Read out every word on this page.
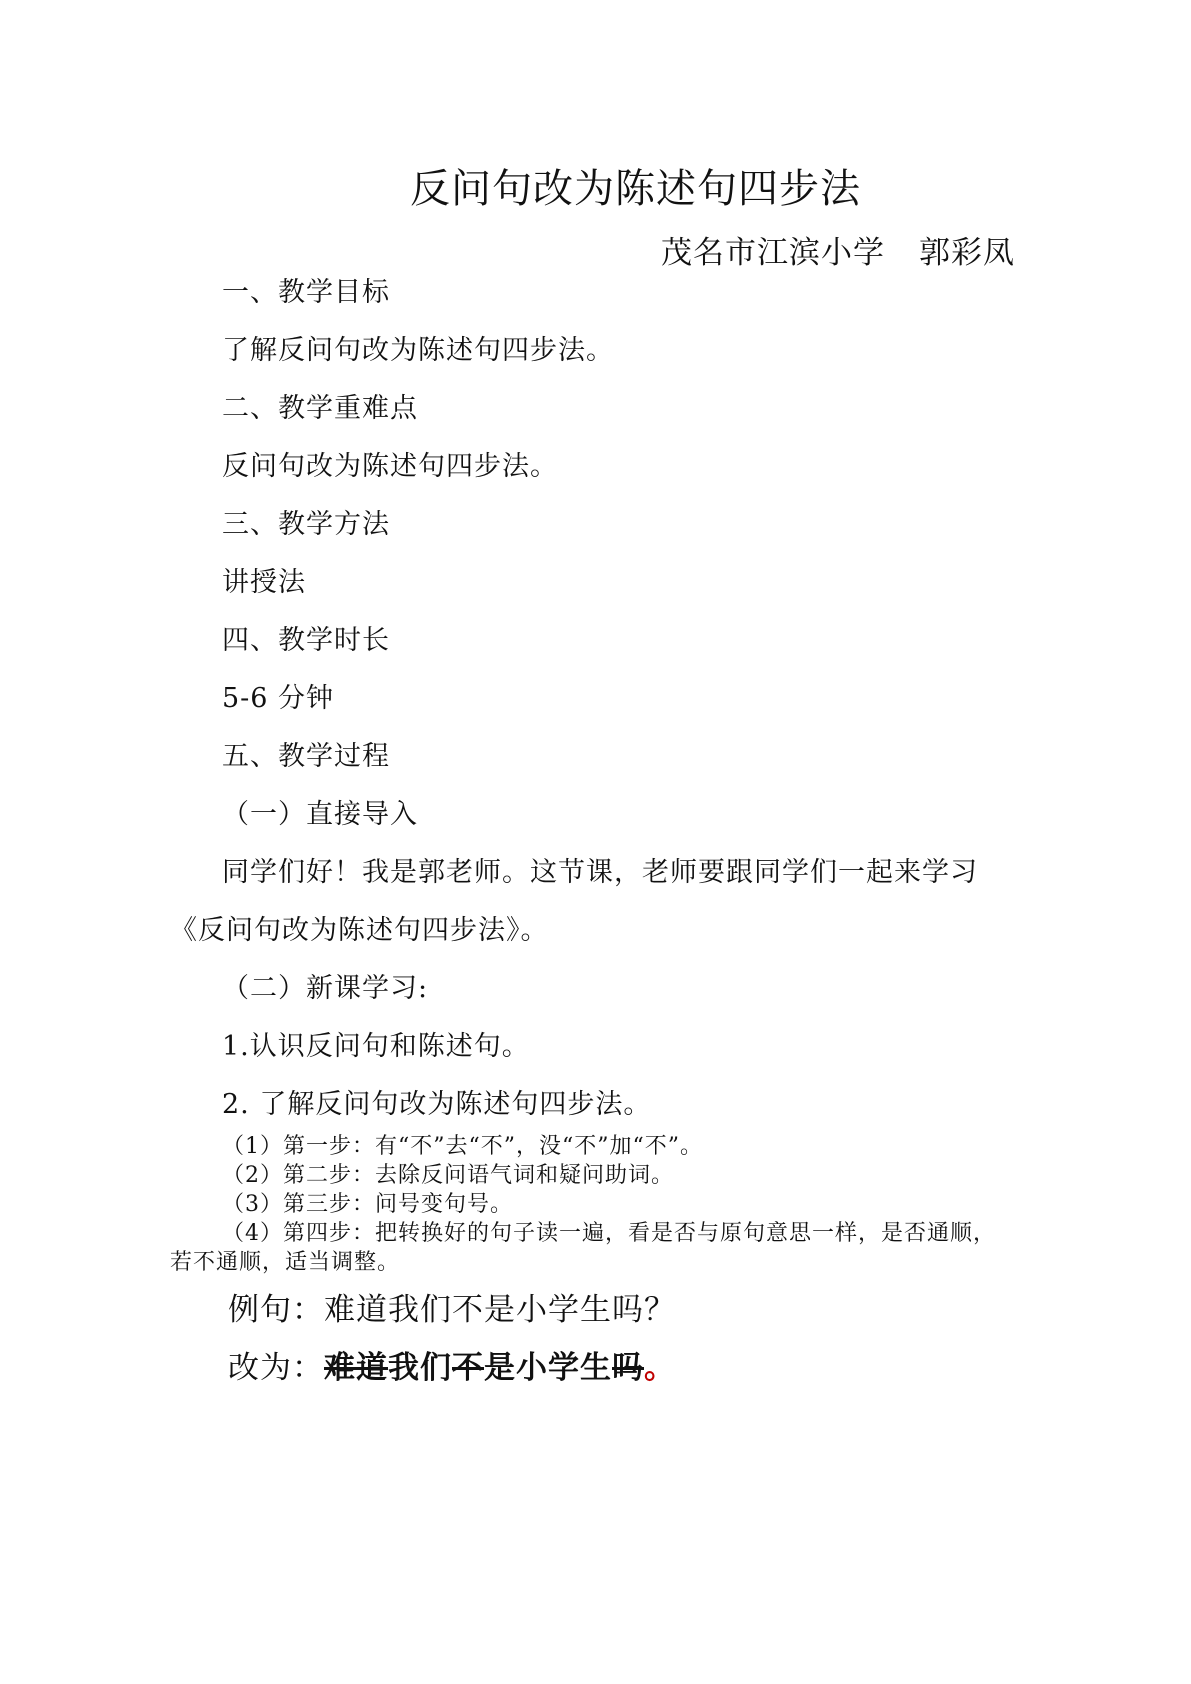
反问句改为陈述句四步法
茂名市江滨小学 郭彩凤
一、教学目标
了解反问句改为陈述句四步法。
二、教学重难点
反问句改为陈述句四步法。
三、教学方法
讲授法
四、教学时长
5-6 分钟
五、教学过程
（一）直接导入
同学们好！我是郭老师。这节课，老师要跟同学们一起来学习
《反问句改为陈述句四步法》。
（二）新课学习:
1.认识反问句和陈述句。
2. 了解反问句改为陈述句四步法。
（1）第一步：有“不”去“不”，没“不”加“不”。
（2）第二步：去除反问语气词和疑问助词。
（3）第三步：问号变句号。
（4）第四步：把转换好的句子读一遍，看是否与原句意思一样，是否通顺，
若不通顺，适当调整。
例句：难道我们不是小学生吗？
改为：难道我们不是小学生吗。
